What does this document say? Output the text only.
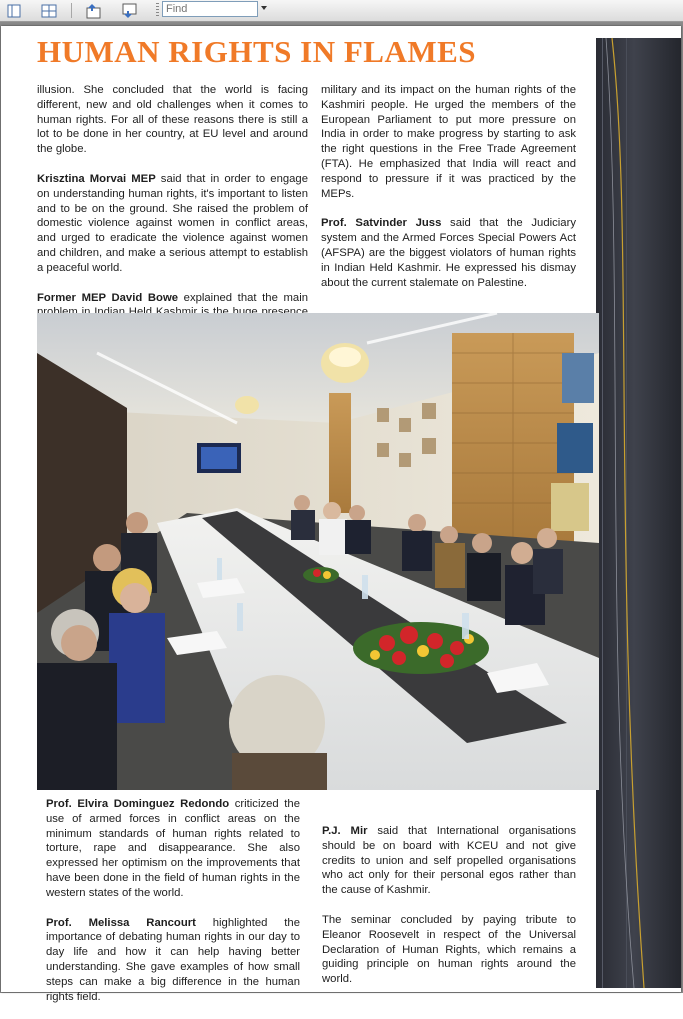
Find
HUMAN RIGHTS IN FLAMES

illusion. She concluded that the world is facing different, new and old challenges when it comes to human rights. For all of these reasons there is still a lot to be done in her country, at EU level and around the globe.

Krisztina Morvai MEP said that in order to engage on understanding human rights, it's important to listen and to be on the ground. She raised the problem of domestic violence against women in conflict areas, and urged to eradicate the violence against women and children, and make a serious attempt to establish a peaceful world.

Former MEP David Bowe explained that the main

military and its impact on the human rights of the Kashmiri people. He urged the members of the European Parliament to put more pressure on India in order to make progress by starting to ask the right questions in the Free Trade Agreement (FTA). He emphasized that India will react and respond to pressure if it was practiced by the MEPs.

Prof. Satvinder Juss said that the Judiciary system and the Armed Forces Special Powers Act (AFSPA) are the biggest violators of human rights in Indian Held Kashmir. He expressed his dismay about the current stalemate on Palestine.

Prof. Elvira Dominguez Redondo criticized the use of armed forces in conflict areas on the minimum standards of human rights related to torture, rape and disappearance. She also expressed her optimism on the improvements that have been done in the field of human rights in the western states of the world.

Prof. Melissa Rancourt highlighted the importance of debating human rights in our day to day life and how it can help having better understanding. She gave examples of how small steps can make a big difference in the human rights field.

P.J. Mir said that International organisations should be on board with KCEU and not give credits to union and self propelled organisations who act only for their personal egos rather than the cause of Kashmir.

The seminar concluded by paying tribute to Eleanor Roosevelt in respect of the Universal Declaration of Human Rights, which remains a guiding principle on human rights around the world.
